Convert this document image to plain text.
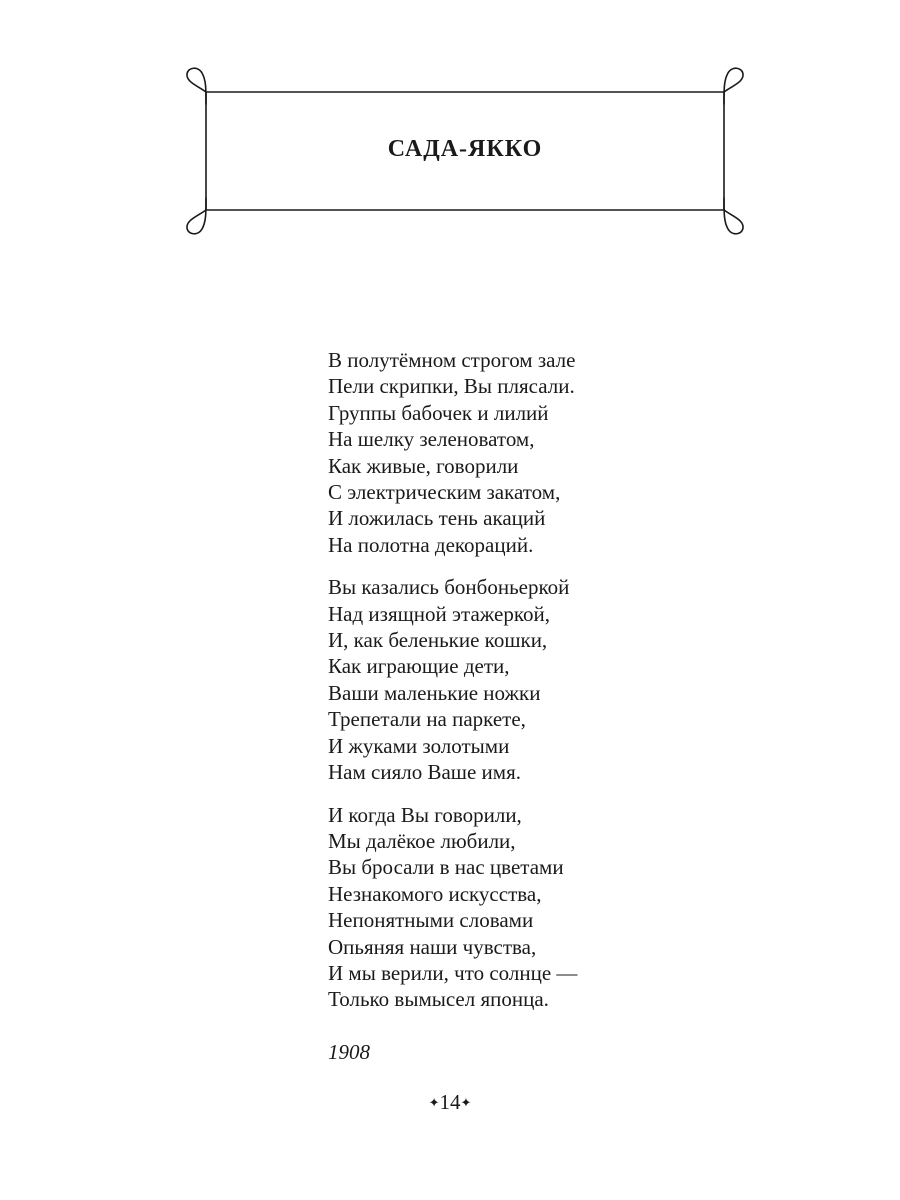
САДА-ЯККО
В полутёмном строгом зале
Пели скрипки, Вы плясали.
Группы бабочек и лилий
На шелку зеленоватом,
Как живые, говорили
С электрическим закатом,
И ложилась тень акаций
На полотна декораций.
Вы казались бонбоньеркой
Над изящной этажеркой,
И, как беленькие кошки,
Как играющие дети,
Ваши маленькие ножки
Трепетали на паркете,
И жуками золотыми
Нам сияло Ваше имя.
И когда Вы говорили,
Мы далёкое любили,
Вы бросали в нас цветами
Незнакомого искусства,
Непонятными словами
Опьяняя наши чувства,
И мы верили, что солнце —
Только вымысел японца.
1908
✦14✦
